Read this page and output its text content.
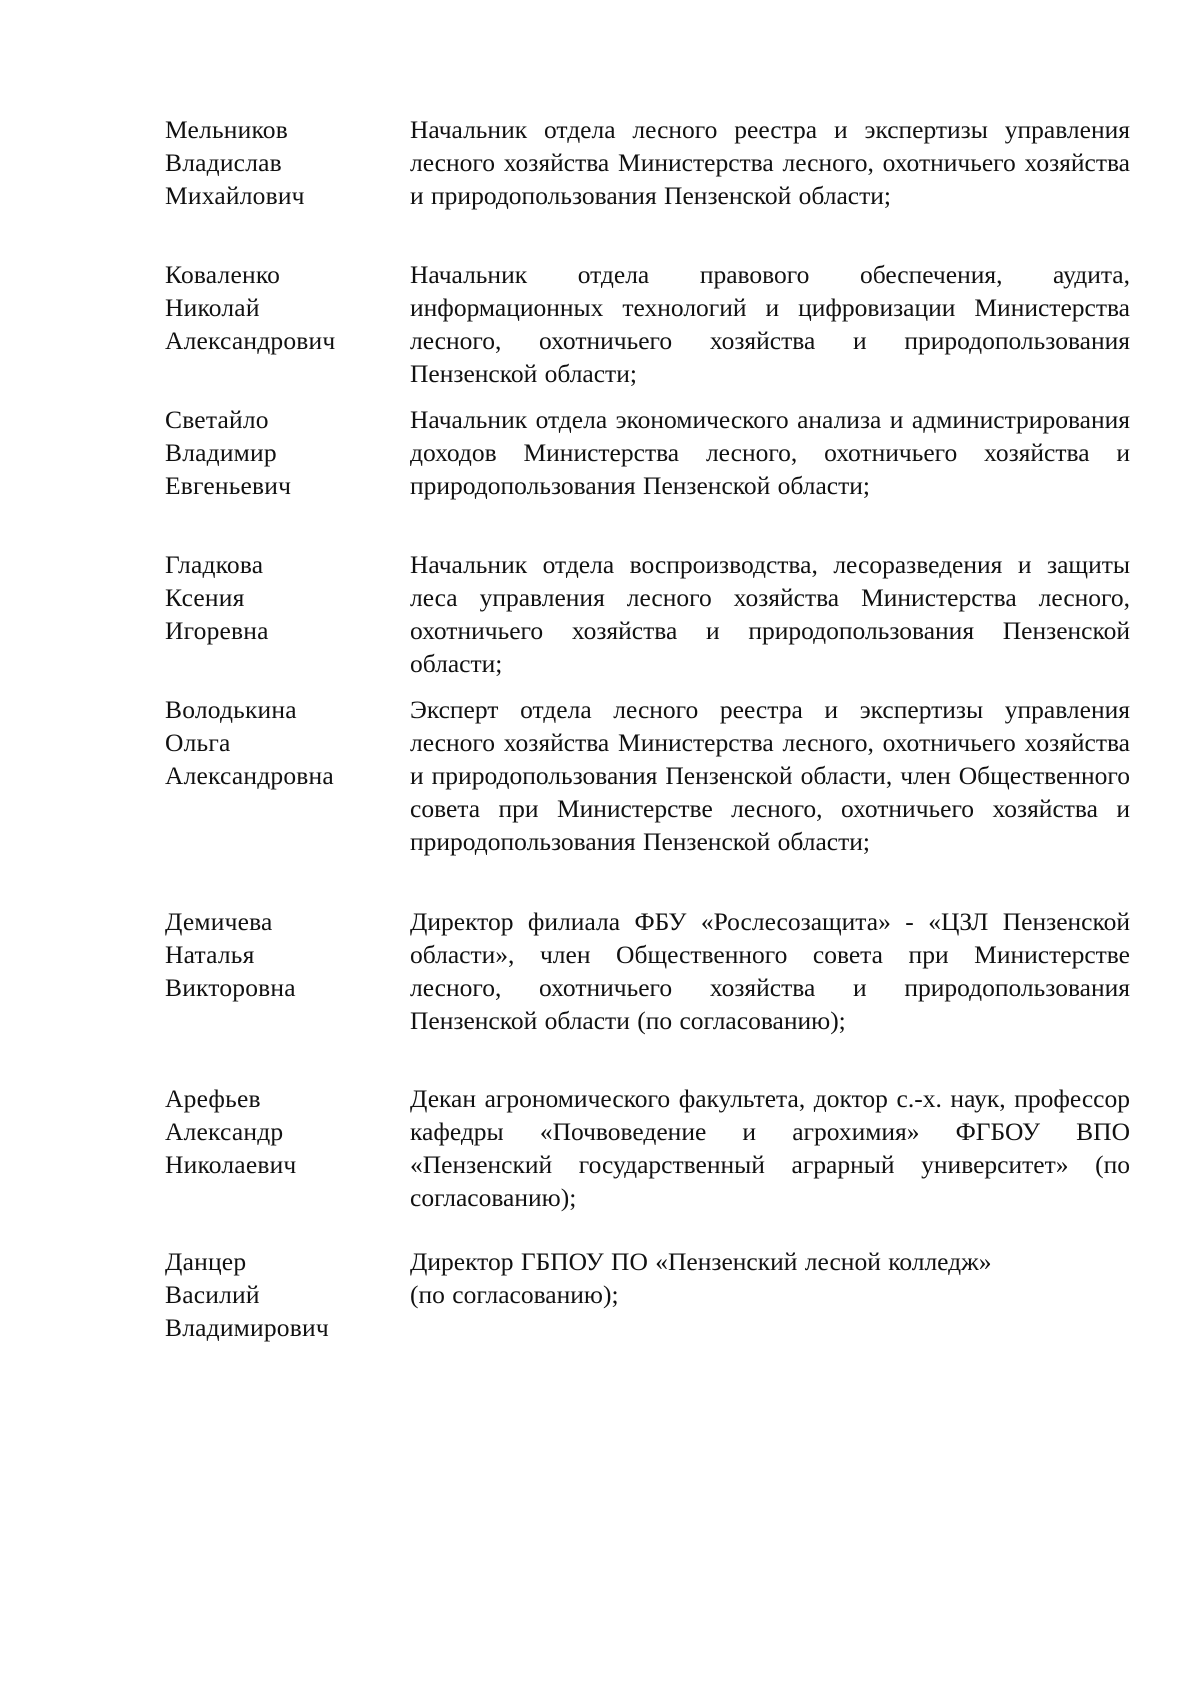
Мельников
Владислав
Михайлович
Начальник отдела лесного реестра и экспертизы управления лесного хозяйства Министерства лесного, охотничьего хозяйства и природопользования Пензенской области;
Коваленко
Николай
Александрович
Начальник отдела правового обеспечения, аудита, информационных технологий и цифровизации Министерства лесного, охотничьего хозяйства и природопользования Пензенской области;
Светайло
Владимир
Евгеньевич
Начальник отдела экономического анализа и администрирования доходов Министерства лесного, охотничьего хозяйства и природопользования Пензенской области;
Гладкова
Ксения
Игоревна
Начальник отдела воспроизводства, лесоразведения и защиты леса управления лесного хозяйства Министерства лесного, охотничьего хозяйства и природопользования Пензенской области;
Володькина
Ольга
Александровна
Эксперт отдела лесного реестра и экспертизы управления лесного хозяйства Министерства лесного, охотничьего хозяйства и природопользования Пензенской области, член Общественного совета при Министерстве лесного, охотничьего хозяйства и природопользования Пензенской области;
Демичева
Наталья
Викторовна
Директор филиала ФБУ «Рослесозащита» - «ЦЗЛ Пензенской области», член Общественного совета при Министерстве лесного, охотничьего хозяйства и природопользования Пензенской области (по согласованию);
Арефьев
Александр
Николаевич
Декан агрономического факультета, доктор с.-х. наук, профессор кафедры «Почвоведение и агрохимия» ФГБОУ ВПО «Пензенский государственный аграрный университет» (по согласованию);
Данцер
Василий
Владимирович
Директор ГБПОУ ПО «Пензенский лесной колледж»
(по согласованию);
